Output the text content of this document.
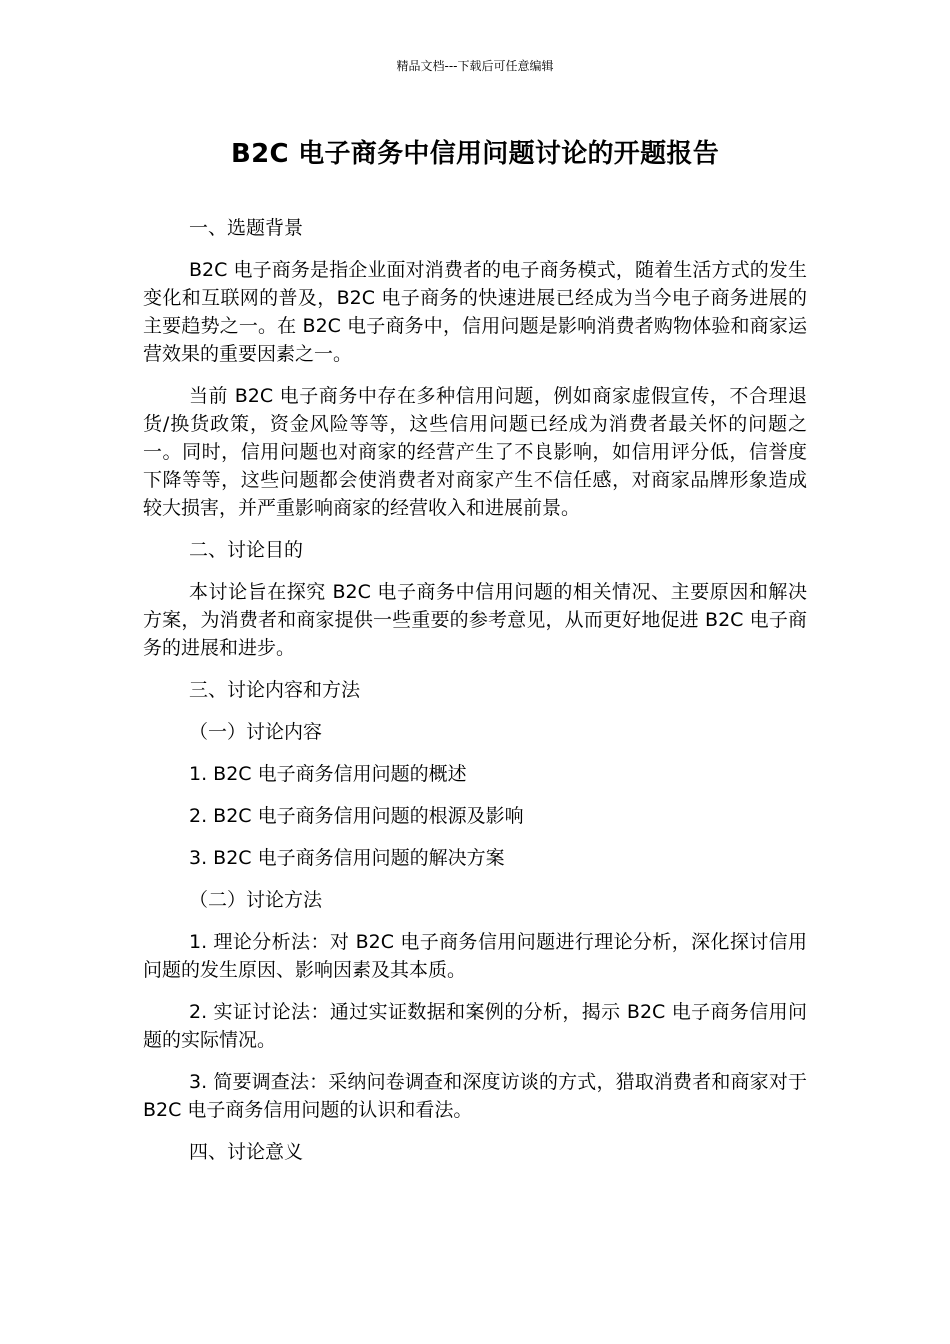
精品文档---下载后可任意编辑
B2C 电子商务中信用问题讨论的开题报告
一、选题背景
B2C 电子商务是指企业面对消费者的电子商务模式，随着生活方式的发生变化和互联网的普及，B2C 电子商务的快速进展已经成为当今电子商务进展的主要趋势之一。在 B2C 电子商务中，信用问题是影响消费者购物体验和商家运营效果的重要因素之一。
当前 B2C 电子商务中存在多种信用问题，例如商家虚假宣传，不合理退货/换货政策，资金风险等等，这些信用问题已经成为消费者最关怀的问题之一。同时，信用问题也对商家的经营产生了不良影响，如信用评分低，信誉度下降等等，这些问题都会使消费者对商家产生不信任感，对商家品牌形象造成较大损害，并严重影响商家的经营收入和进展前景。
二、讨论目的
本讨论旨在探究 B2C 电子商务中信用问题的相关情况、主要原因和解决方案，为消费者和商家提供一些重要的参考意见，从而更好地促进 B2C 电子商务的进展和进步。
三、讨论内容和方法
（一）讨论内容
1. B2C 电子商务信用问题的概述
2. B2C 电子商务信用问题的根源及影响
3. B2C 电子商务信用问题的解决方案
（二）讨论方法
1. 理论分析法：对 B2C 电子商务信用问题进行理论分析，深化探讨信用问题的发生原因、影响因素及其本质。
2. 实证讨论法：通过实证数据和案例的分析，揭示 B2C 电子商务信用问题的实际情况。
3. 简要调查法：采纳问卷调查和深度访谈的方式，猎取消费者和商家对于 B2C 电子商务信用问题的认识和看法。
四、讨论意义
